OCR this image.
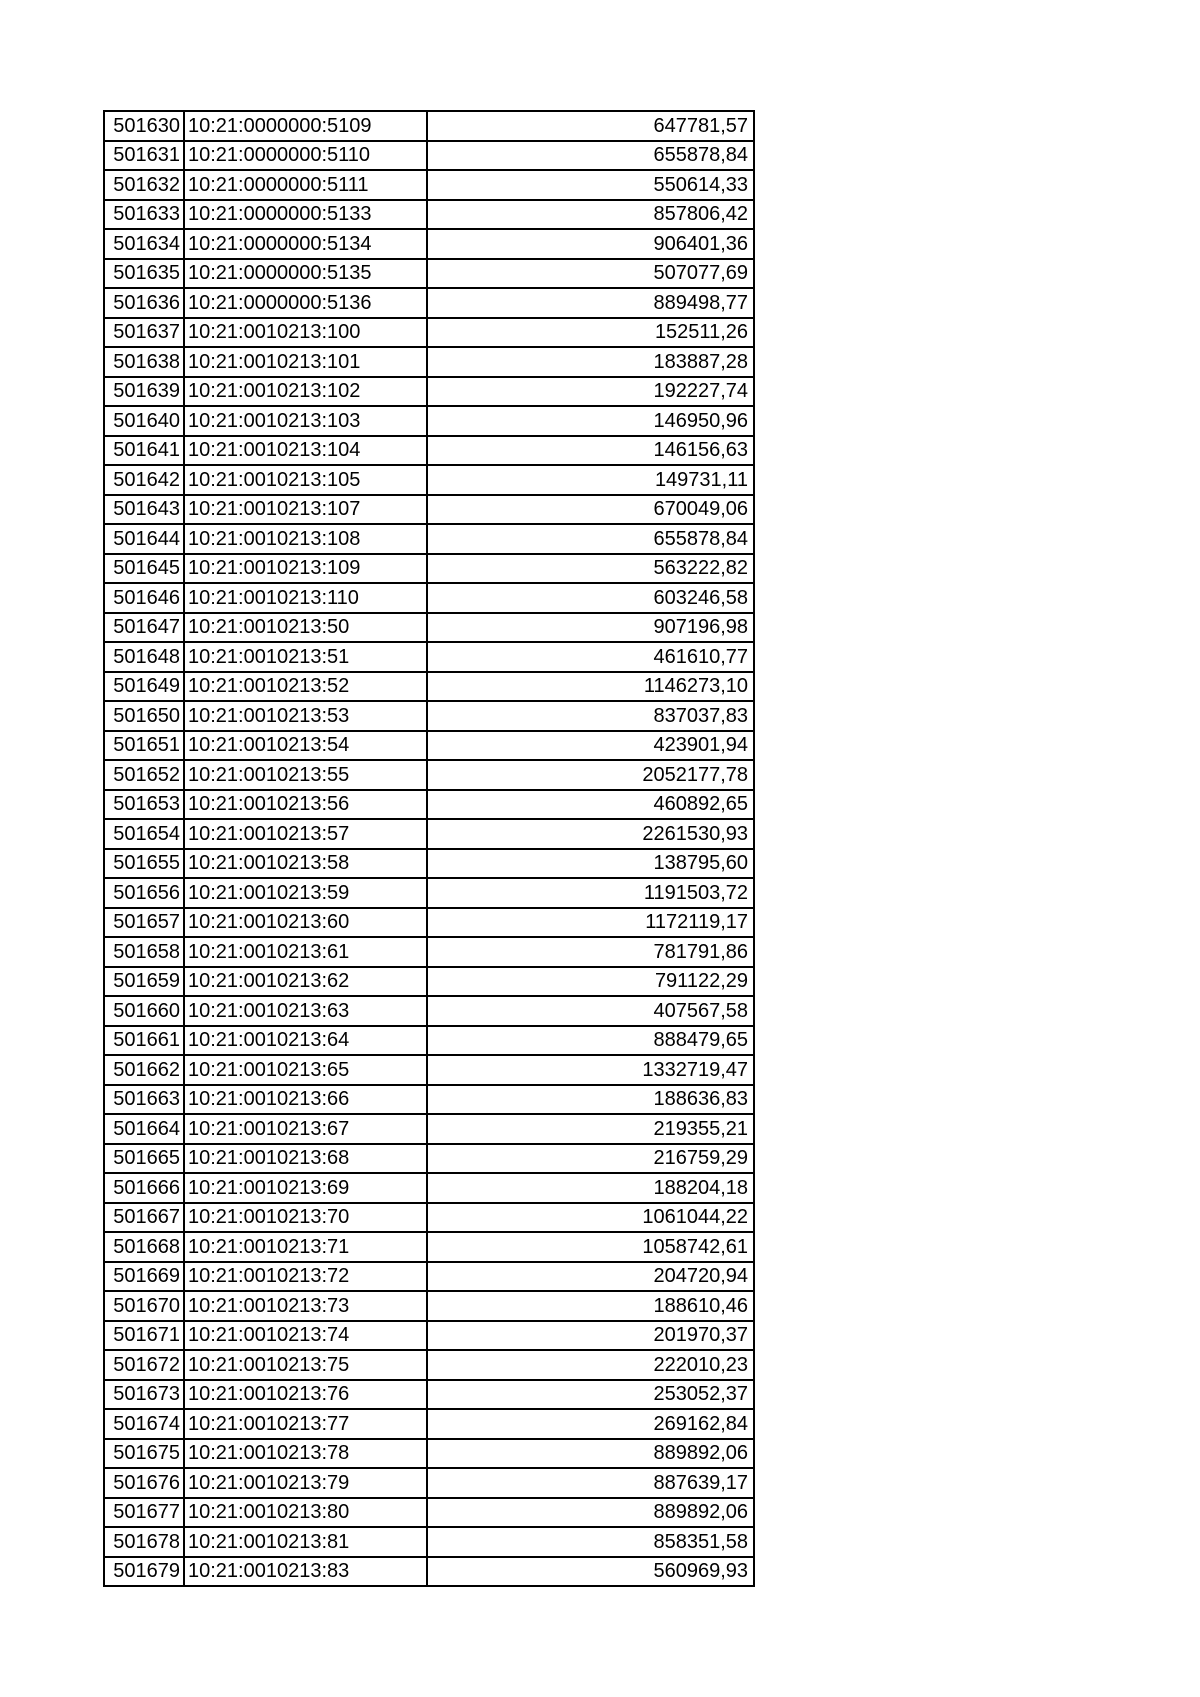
501630	10:21:0000000:5109	647781,57
501631	10:21:0000000:5110	655878,84
501632	10:21:0000000:5111	550614,33
501633	10:21:0000000:5133	857806,42
501634	10:21:0000000:5134	906401,36
501635	10:21:0000000:5135	507077,69
501636	10:21:0000000:5136	889498,77
501637	10:21:0010213:100	152511,26
501638	10:21:0010213:101	183887,28
501639	10:21:0010213:102	192227,74
501640	10:21:0010213:103	146950,96
501641	10:21:0010213:104	146156,63
501642	10:21:0010213:105	149731,11
501643	10:21:0010213:107	670049,06
501644	10:21:0010213:108	655878,84
501645	10:21:0010213:109	563222,82
501646	10:21:0010213:110	603246,58
501647	10:21:0010213:50	907196,98
501648	10:21:0010213:51	461610,77
501649	10:21:0010213:52	1146273,10
501650	10:21:0010213:53	837037,83
501651	10:21:0010213:54	423901,94
501652	10:21:0010213:55	2052177,78
501653	10:21:0010213:56	460892,65
501654	10:21:0010213:57	2261530,93
501655	10:21:0010213:58	138795,60
501656	10:21:0010213:59	1191503,72
501657	10:21:0010213:60	1172119,17
501658	10:21:0010213:61	781791,86
501659	10:21:0010213:62	791122,29
501660	10:21:0010213:63	407567,58
501661	10:21:0010213:64	888479,65
501662	10:21:0010213:65	1332719,47
501663	10:21:0010213:66	188636,83
501664	10:21:0010213:67	219355,21
501665	10:21:0010213:68	216759,29
501666	10:21:0010213:69	188204,18
501667	10:21:0010213:70	1061044,22
501668	10:21:0010213:71	1058742,61
501669	10:21:0010213:72	204720,94
501670	10:21:0010213:73	188610,46
501671	10:21:0010213:74	201970,37
501672	10:21:0010213:75	222010,23
501673	10:21:0010213:76	253052,37
501674	10:21:0010213:77	269162,84
501675	10:21:0010213:78	889892,06
501676	10:21:0010213:79	887639,17
501677	10:21:0010213:80	889892,06
501678	10:21:0010213:81	858351,58
501679	10:21:0010213:83	560969,93
